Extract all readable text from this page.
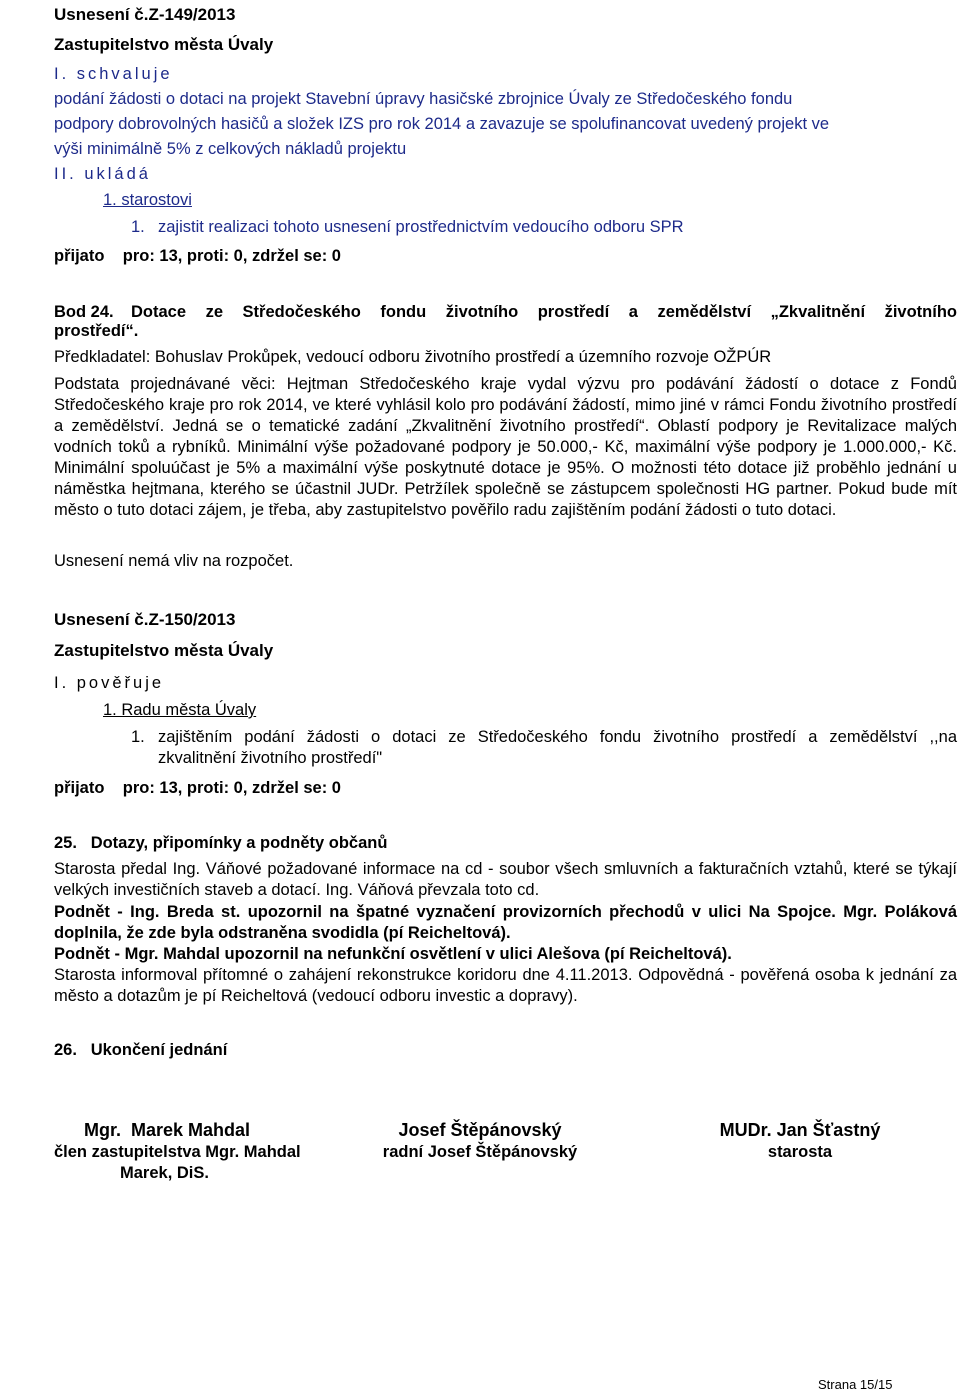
Usnesení č.Z-149/2013
Zastupitelstvo města Úvaly
I. schvaluje
podání žádosti o dotaci na projekt Stavební úpravy hasičské zbrojnice Úvaly ze Středočeského fondu
podpory dobrovolných hasičů a složek IZS pro rok 2014 a zavazuje se spolufinancovat uvedený projekt ve
výši minimálně 5% z celkových nákladů projektu
II. ukládá
1. starostovi
1. zajistit realizaci tohoto usnesení prostřednictvím vedoucího odboru SPR
přijato    pro: 13, proti: 0, zdržel se: 0
Bod 24. Dotace ze Středočeského fondu životního prostředí a zemědělství „Zkvalitnění životního
prostředí“.
Předkladatel: Bohuslav Prokůpek, vedoucí odboru životního prostředí a územního rozvoje OŽPÚR
Podstata projednávané věci: Hejtman Středočeského kraje vydal výzvu pro podávání žádostí o dotace z Fondů Středočeského kraje pro rok 2014, ve které vyhlásil kolo pro podávání žádostí, mimo jiné v rámci Fondu životního prostředí a zemědělství. Jedná se o tematické zadání „Zkvalitnění životního prostředí“. Oblastí podpory je Revitalizace malých vodních toků a rybníků. Minimální výše požadované podpory je 50.000,- Kč, maximální výše podpory je 1.000.000,- Kč. Minimální spoluúčast je 5% a maximální výše poskytnuté dotace je 95%. O možnosti této dotace již proběhlo jednání u náměstka hejtmana, kterého se účastnil JUDr. Petržílek společně se zástupcem společnosti HG partner. Pokud bude mít město o tuto dotaci zájem, je třeba, aby zastupitelstvo pověřilo radu zajištěním podání žádosti o tuto dotaci.
Usnesení nemá vliv na rozpočet.
Usnesení č.Z-150/2013
Zastupitelstvo města Úvaly
I. pověřuje
1. Radu města Úvaly
1. zajištěním podání žádosti o dotaci ze Středočeského fondu životního prostředí a zemědělství ,,na
zkvalitnění životního prostředí"
přijato    pro: 13, proti: 0, zdržel se: 0
25.   Dotazy, připomínky a podněty občanů
Starosta předal Ing. Váňové požadované informace na cd - soubor všech smluvních a fakturačních vztahů, které se týkají velkých investičních staveb a dotací. Ing. Váňová převzala toto cd.
Podnět - Ing. Breda st. upozornil na špatné vyznačení provizorních přechodů v ulici Na Spojce. Mgr. Poláková doplnila, že zde byla odstraněna svodidla (pí Reicheltová).
Podnět - Mgr. Mahdal upozornil na nefunkční osvětlení v ulici Alešova (pí Reicheltová).
Starosta informoval přítomné o zahájení rekonstrukce koridoru dne 4.11.2013. Odpovědná - pověřená osoba k jednání za město a dotazům je pí Reicheltová (vedoucí odboru investic a dopravy).
26.   Ukončení jednání
Mgr.  Marek Mahdal
člen zastupitelstva Mgr. Mahdal
Marek, DiS.
Josef Štěpánovský
radní Josef Štěpánovský
MUDr. Jan Šťastný
starosta
Strana 15/15
